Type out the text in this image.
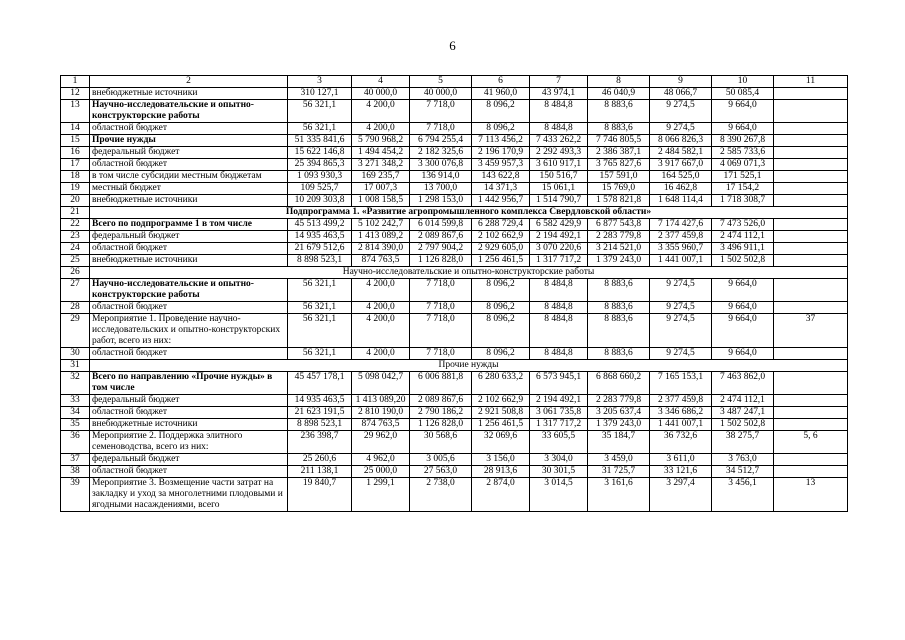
6
1	2	3	4	5	6	7	8	9	10	11
12	внебюджетные источники	310 127,1	40 000,0	40 000,0	41 960,0	43 974,1	46 040,9	48 066,7	50 085,4	
13	Научно-исследовательские и опытно-конструкторские работы	56 321,1	4 200,0	7 718,0	8 096,2	8 484,8	8 883,6	9 274,5	9 664,0	
14	областной бюджет	56 321,1	4 200,0	7 718,0	8 096,2	8 484,8	8 883,6	9 274,5	9 664,0	
15	Прочие нужды	51 335 841,6	5 790 968,2	6 794 255,4	7 113 456,2	7 433 262,2	7 746 805,5	8 066 826,3	8 390 267,8	
16	федеральный бюджет	15 622 146,8	1 494 454,2	2 182 325,6	2 196 170,9	2 292 493,3	2 386 387,1	2 484 582,1	2 585 733,6	
17	областной бюджет	25 394 865,3	3 271 348,2	3 300 076,8	3 459 957,3	3 610 917,1	3 765 827,6	3 917 667,0	4 069 071,3	
18	в том числе субсидии местным бюджетам	1 093 930,3	169 235,7	136 914,0	143 622,8	150 516,7	157 591,0	164 525,0	171 525,1	
19	местный бюджет	109 525,7	17 007,3	13 700,0	14 371,3	15 061,1	15 769,0	16 462,8	17 154,2	
20	внебюджетные источники	10 209 303,8	1 008 158,5	1 298 153,0	1 442 956,7	1 514 790,7	1 578 821,8	1 648 114,4	1 718 308,7	
21	Подпрограмма 1. «Развитие агропромышленного комплекса Свердловской области»									
22	Всего по подпрограмме 1 в том числе	45 513 499,2	5 102 242,7	6 014 599,8	6 288 729,4	6 582 429,9	6 877 543,8	7 174 427,6	7 473 526,0	
23	федеральный бюджет	14 935 463,5	1 413 089,2	2 089 867,6	2 102 662,9	2 194 492,1	2 283 779,8	2 377 459,8	2 474 112,1	
24	областной бюджет	21 679 512,6	2 814 390,0	2 797 904,2	2 929 605,0	3 070 220,6	3 214 521,0	3 355 960,7	3 496 911,1	
25	внебюджетные источники	8 898 523,1	874 763,5	1 126 828,0	1 256 461,5	1 317 717,2	1 379 243,0	1 441 007,1	1 502 502,8	
26	Научно-исследовательские и опытно-конструкторские работы									
27	Научно-исследовательские и опытно-конструкторские работы	56 321,1	4 200,0	7 718,0	8 096,2	8 484,8	8 883,6	9 274,5	9 664,0	
28	областной бюджет	56 321,1	4 200,0	7 718,0	8 096,2	8 484,8	8 883,6	9 274,5	9 664,0	
29	Мероприятие 1. Проведение научно-исследовательских и опытно-конструкторских работ, всего из них:	56 321,1	4 200,0	7 718,0	8 096,2	8 484,8	8 883,6	9 274,5	9 664,0	37
30	областной бюджет	56 321,1	4 200,0	7 718,0	8 096,2	8 484,8	8 883,6	9 274,5	9 664,0	
31	Прочие нужды									
32	Всего по направлению «Прочие нужды» в том числе	45 457 178,1	5 098 042,7	6 006 881,8	6 280 633,2	6 573 945,1	6 868 660,2	7 165 153,1	7 463 862,0	
33	федеральный бюджет	14 935 463,5	1 413 089,20	2 089 867,6	2 102 662,9	2 194 492,1	2 283 779,8	2 377 459,8	2 474 112,1	
34	областной бюджет	21 623 191,5	2 810 190,0	2 790 186,2	2 921 508,8	3 061 735,8	3 205 637,4	3 346 686,2	3 487 247,1	
35	внебюджетные источники	8 898 523,1	874 763,5	1 126 828,0	1 256 461,5	1 317 717,2	1 379 243,0	1 441 007,1	1 502 502,8	
36	Мероприятие 2. Поддержка элитного семеноводства, всего из них:	236 398,7	29 962,0	30 568,6	32 069,6	33 605,5	35 184,7	36 732,6	38 275,7	5, 6
37	федеральный бюджет	25 260,6	4 962,0	3 005,6	3 156,0	3 304,0	3 459,0	3 611,0	3 763,0	
38	областной бюджет	211 138,1	25 000,0	27 563,0	28 913,6	30 301,5	31 725,7	33 121,6	34 512,7	
39	Мероприятие 3. Возмещение части затрат на закладку и уход за многолетними плодовыми и ягодными насаждениями, всего	19 840,7	1 299,1	2 738,0	2 874,0	3 014,5	3 161,6	3 297,4	3 456,1	13
